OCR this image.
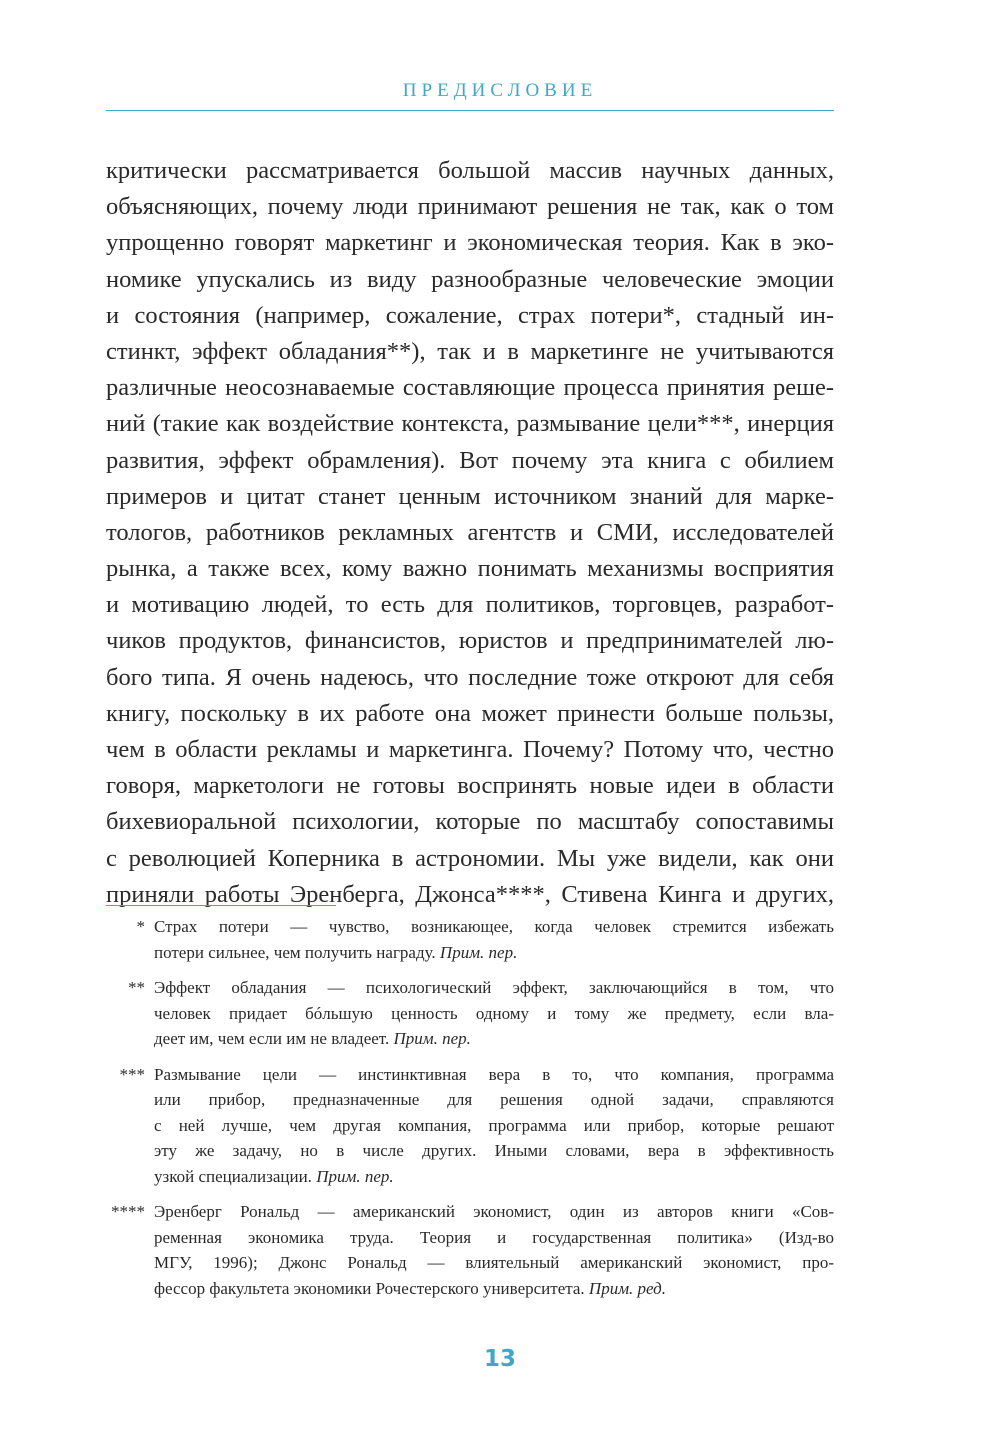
ПРЕДИСЛОВИЕ
критически рассматривается большой массив научных данных,
объясняющих, почему люди принимают решения не так, как о том
упрощенно говорят маркетинг и экономическая теория. Как в эко-
номике упускались из виду разнообразные человеческие эмоции
и состояния (например, сожаление, страх потери*, стадный ин-
стинкт, эффект обладания**), так и в маркетинге не учитываются
различные неосознаваемые составляющие процесса принятия реше-
ний (такие как воздействие контекста, размывание цели***, инерция
развития, эффект обрамления). Вот почему эта книга с обилием
примеров и цитат станет ценным источником знаний для марке-
тологов, работников рекламных агентств и СМИ, исследователей
рынка, а также всех, кому важно понимать механизмы восприятия
и мотивацию людей, то есть для политиков, торговцев, разработ-
чиков продуктов, финансистов, юристов и предпринимателей лю-
бого типа. Я очень надеюсь, что последние тоже откроют для себя
книгу, поскольку в их работе она может принести больше пользы,
чем в области рекламы и маркетинга. Почему? Потому что, честно
говоря, маркетологи не готовы воспринять новые идеи в области
бихевиоральной психологии, которые по масштабу сопоставимы
с революцией Коперника в астрономии. Мы уже видели, как они
приняли работы Эренберга, Джонса****, Стивена Кинга и других,
* Страх потери — чувство, возникающее, когда человек стремится избежать
потери сильнее, чем получить награду. Прим. пер.
** Эффект обладания — психологический эффект, заключающийся в том, что
человек придает бóльшую ценность одному и тому же предмету, если вла-
деет им, чем если им не владеет. Прим. пер.
*** Размывание цели — инстинктивная вера в то, что компания, программа
или прибор, предназначенные для решения одной задачи, справляются
с ней лучше, чем другая компания, программа или прибор, которые решают
эту же задачу, но в числе других. Иными словами, вера в эффективность
узкой специализации. Прим. пер.
**** Эренберг Рональд — американский экономист, один из авторов книги «Сов-
ременная экономика труда. Теория и государственная политика» (Изд-во
МГУ, 1996); Джонс Рональд — влиятельный американский экономист, про-
фессор факультета экономики Рочестерского университета. Прим. ред.
13
